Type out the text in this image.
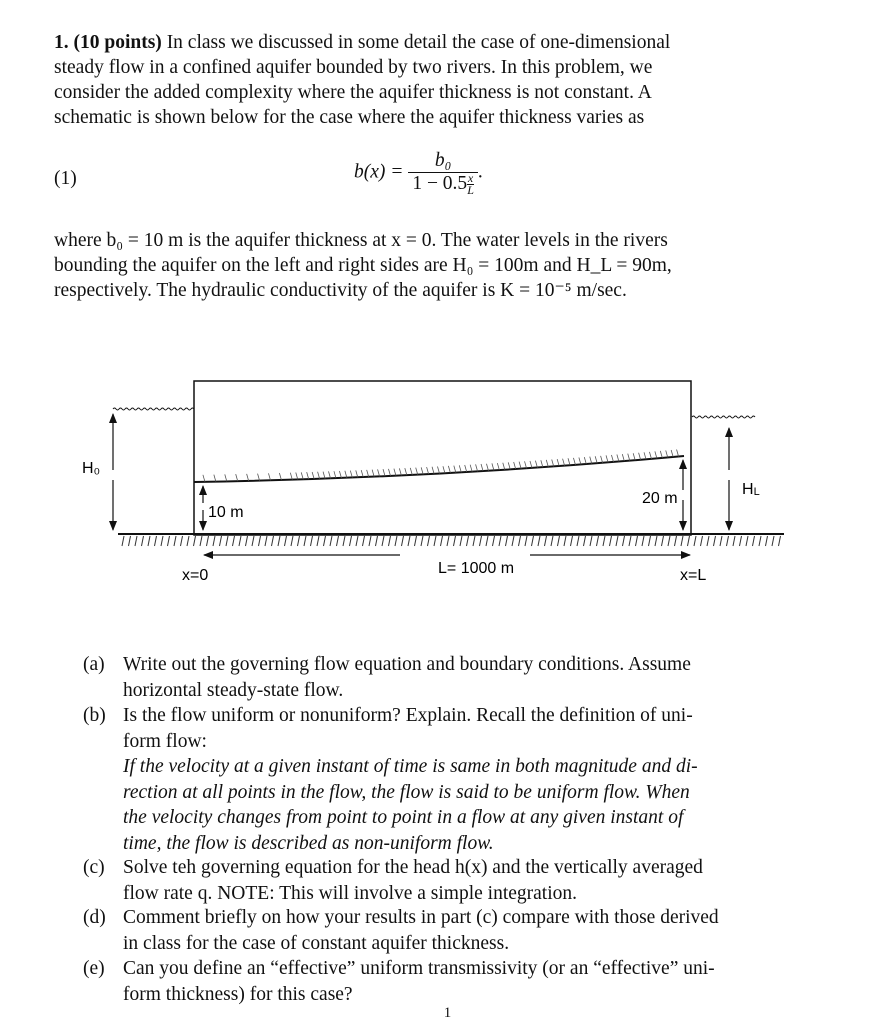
1. (10 points) In class we discussed in some detail the case of one-dimensional
steady flow in a confined aquifer bounded by two rivers. In this problem, we
consider the added complexity where the aquifer thickness is not constant. A
schematic is shown below for the case where the aquifer thickness varies as
(1)	$b(x) = \frac{\text{b₀}}{1 - 0.5 \frac{x}{L}}$ .
where b₀ = 10 m is the aquifer thickness at x = 0. The water levels in the rivers
bounding the aquifer on the left and right sides are H₀ = 100m and H_L = 90m,
respectively. The hydraulic conductivity of the aquifer is K = 10⁻⁵ m/sec.
H₀
10 m
20 m
HL
x=0	L= 1000 m	x=L
(a) Write out the governing flow equation and boundary conditions. Assume
horizontal steady-state flow.
(b) Is the flow uniform or nonuniform? Explain. Recall the definition of uni-
form flow:
If the velocity at a given instant of time is same in both magnitude and di-
rection at all points in the flow, the flow is said to be uniform flow. When
the velocity changes from point to point in a flow at any given instant of
time, the flow is described as non-uniform flow.
(c) Solve teh governing equation for the head h(x) and the vertically averaged
flow rate q. NOTE: This will involve a simple integration.
(d) Comment briefly on how your results in part (c) compare with those derived
in class for the case of constant aquifer thickness.
(e) Can you define an “effective” uniform transmissivity (or an “effective” uni-
form thickness) for this case?
1
